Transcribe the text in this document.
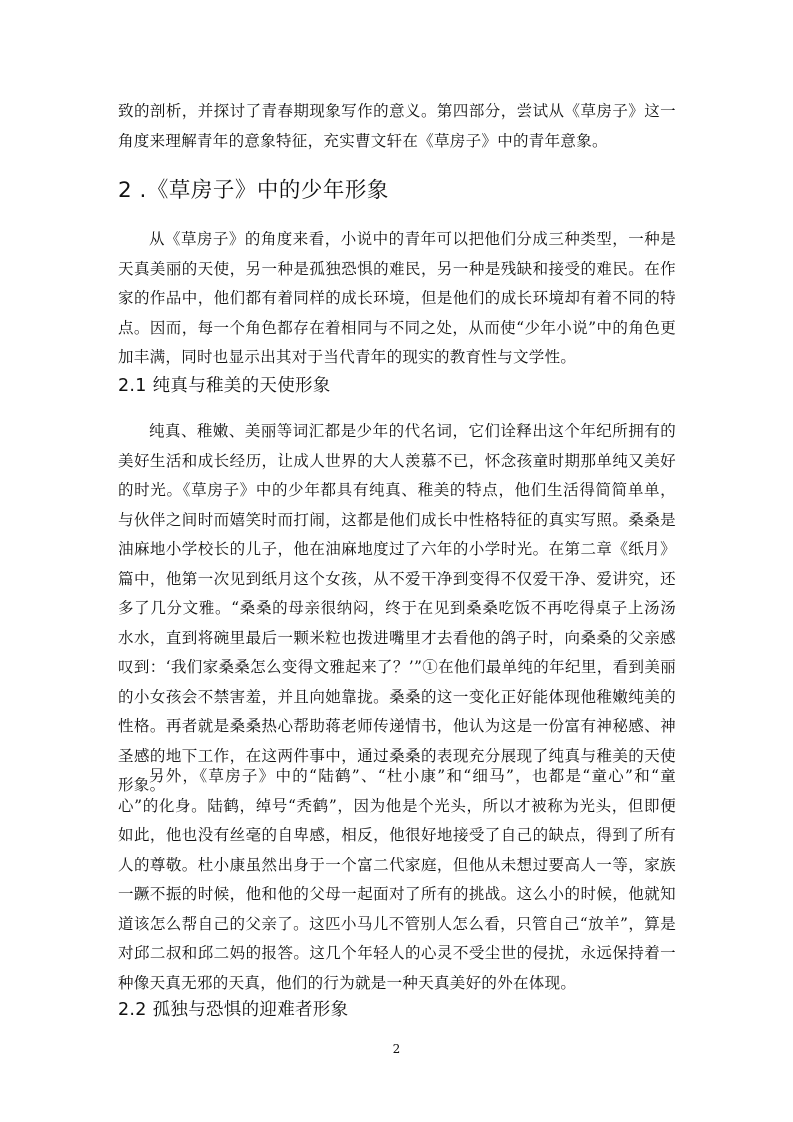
致的剖析，并探讨了青春期现象写作的意义。第四部分，尝试从《草房子》这一角度来理解青年的意象特征，充实曹文轩在《草房子》中的青年意象。

2 .《草房子》中的少年形象

从《草房子》的角度来看，小说中的青年可以把他们分成三种类型，一种是天真美丽的天使，另一种是孤独恐惧的难民，另一种是残缺和接受的难民。在作家的作品中，他们都有着同样的成长环境，但是他们的成长环境却有着不同的特点。因而，每一个角色都存在着相同与不同之处，从而使“少年小说”中的角色更加丰满，同时也显示出其对于当代青年的现实的教育性与文学性。

2.1 纯真与稚美的天使形象

纯真、稚嫩、美丽等词汇都是少年的代名词，它们诠释出这个年纪所拥有的美好生活和成长经历，让成人世界的大人羡慕不已，怀念孩童时期那单纯又美好的时光。《草房子》中的少年都具有纯真、稚美的特点，他们生活得简简单单，与伙伴之间时而嬉笑时而打闹，这都是他们成长中性格特征的真实写照。桑桑是油麻地小学校长的儿子，他在油麻地度过了六年的小学时光。在第二章《纸月》篇中，他第一次见到纸月这个女孩，从不爱干净到变得不仅爱干净、爱讲究，还多了几分文雅。“桑桑的母亲很纳闷，终于在见到桑桑吃饭不再吃得桌子上汤汤水水，直到将碗里最后一颗米粒也拨进嘴里才去看他的鸽子时，向桑桑的父亲感叹到：‘我们家桑桑怎么变得文雅起来了？’”①在他们最单纯的年纪里，看到美丽的小女孩会不禁害羞，并且向她靠拢。桑桑的这一变化正好能体现他稚嫩纯美的性格。再者就是桑桑热心帮助蒋老师传递情书，他认为这是一份富有神秘感、神圣感的地下工作，在这两件事中，通过桑桑的表现充分展现了纯真与稚美的天使形象。

另外，《草房子》中的“陆鹤”、“杜小康”和“细马”，也都是“童心”和“童心”的化身。陆鹤，绰号“秃鹤”，因为他是个光头，所以才被称为光头，但即便如此，他也没有丝毫的自卑感，相反，他很好地接受了自己的缺点，得到了所有人的尊敬。杜小康虽然出身于一个富二代家庭，但他从未想过要高人一等，家族一蹶不振的时候，他和他的父母一起面对了所有的挑战。这么小的时候，他就知道该怎么帮自己的父亲了。这匹小马儿不管别人怎么看，只管自己“放羊”，算是对邱二叔和邱二妈的报答。这几个年轻人的心灵不受尘世的侵扰，永远保持着一种像天真无邪的天真，他们的行为就是一种天真美好的外在体现。

2.2 孤独与恐惧的迎难者形象
2
